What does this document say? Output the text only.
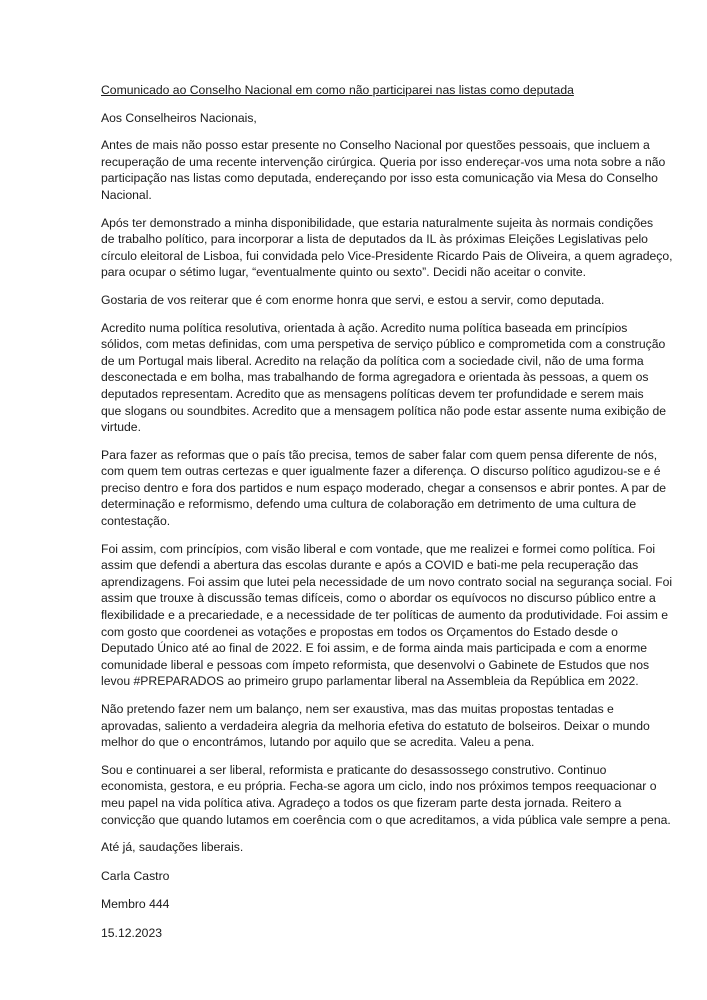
Comunicado ao Conselho Nacional em como não participarei nas listas como deputada
Aos Conselheiros Nacionais,
Antes de mais não posso estar presente no Conselho Nacional por questões pessoais, que incluem a
recuperação de uma recente intervenção cirúrgica. Queria por isso endereçar-vos uma nota sobre a não
participação nas listas como deputada, endereçando por isso esta comunicação via Mesa do Conselho
Nacional.
Após ter demonstrado a minha disponibilidade, que estaria naturalmente sujeita às normais condições
de trabalho político, para incorporar a lista de deputados da IL às próximas Eleições Legislativas pelo
círculo eleitoral de Lisboa, fui convidada pelo Vice-Presidente Ricardo Pais de Oliveira, a quem agradeço,
para ocupar o sétimo lugar, “eventualmente quinto ou sexto”. Decidi não aceitar o convite.
Gostaria de vos reiterar que é com enorme honra que servi, e estou a servir, como deputada.
Acredito numa política resolutiva, orientada à ação. Acredito numa política baseada em princípios
sólidos, com metas definidas, com uma perspetiva de serviço público e comprometida com a construção
de um Portugal mais liberal. Acredito na relação da política com a sociedade civil, não de uma forma
desconectada e em bolha, mas trabalhando de forma agregadora e orientada às pessoas, a quem os
deputados representam. Acredito que as mensagens políticas devem ter profundidade e serem mais
que slogans ou soundbites. Acredito que a mensagem política não pode estar assente numa exibição de
virtude.
Para fazer as reformas que o país tão precisa, temos de saber falar com quem pensa diferente de nós,
com quem tem outras certezas e quer igualmente fazer a diferença. O discurso político agudizou-se e é
preciso dentro e fora dos partidos e num espaço moderado, chegar a consensos e abrir pontes. A par de
determinação e reformismo, defendo uma cultura de colaboração em detrimento de uma cultura de
contestação.
Foi assim, com princípios, com visão liberal e com vontade, que me realizei e formei como política. Foi
assim que defendi a abertura das escolas durante e após a COVID e bati-me pela recuperação das
aprendizagens. Foi assim que lutei pela necessidade de um novo contrato social na segurança social. Foi
assim que trouxe à discussão temas difíceis, como o abordar os equívocos no discurso público entre a
flexibilidade e a precariedade, e a necessidade de ter políticas de aumento da produtividade. Foi assim e
com gosto que coordenei as votações e propostas em todos os Orçamentos do Estado desde o
Deputado Único até ao final de 2022. E foi assim, e de forma ainda mais participada e com a enorme
comunidade liberal e pessoas com ímpeto reformista, que desenvolvi o Gabinete de Estudos que nos
levou #PREPARADOS ao primeiro grupo parlamentar liberal na Assembleia da República em 2022.
Não pretendo fazer nem um balanço, nem ser exaustiva, mas das muitas propostas tentadas e
aprovadas, saliento a verdadeira alegria da melhoria efetiva do estatuto de bolseiros. Deixar o mundo
melhor do que o encontrámos, lutando por aquilo que se acredita. Valeu a pena.
Sou e continuarei a ser liberal, reformista e praticante do desassossego construtivo. Continuo
economista, gestora, e eu própria. Fecha-se agora um ciclo, indo nos próximos tempos reequacionar o
meu papel na vida política ativa. Agradeço a todos os que fizeram parte desta jornada. Reitero a
convicção que quando lutamos em coerência com o que acreditamos, a vida pública vale sempre a pena.
Até já, saudações liberais.
Carla Castro
Membro 444
15.12.2023
